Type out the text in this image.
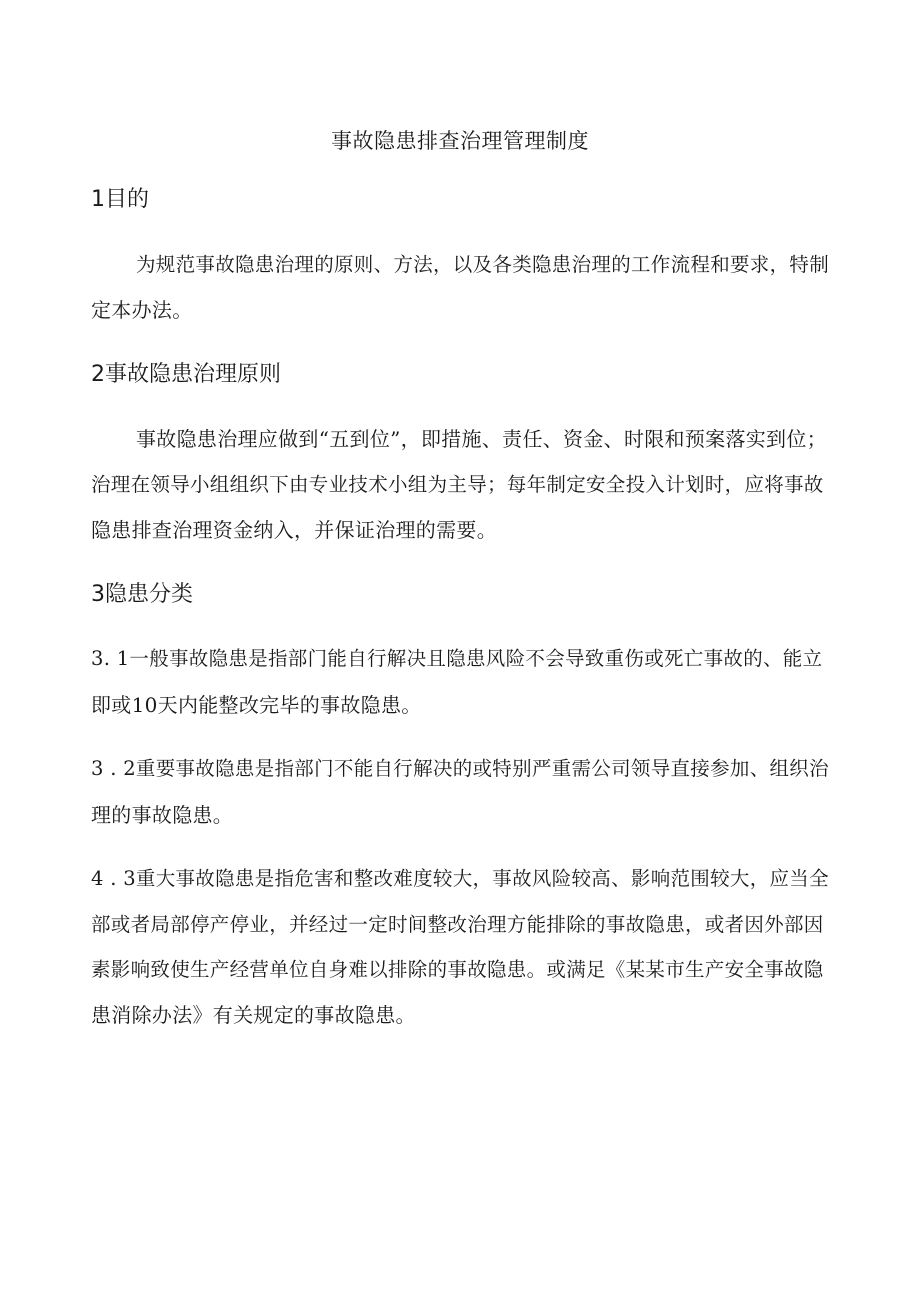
事故隐患排查治理管理制度
1目的
为规范事故隐患治理的原则、方法，以及各类隐患治理的工作流程和要求，特制
定本办法。
2事故隐患治理原则
事故隐患治理应做到“五到位”，即措施、责任、资金、时限和预案落实到位；
治理在领导小组组织下由专业技术小组为主导；每年制定安全投入计划时，应将事故
隐患排查治理资金纳入，并保证治理的需要。
3隐患分类
3. 1一般事故隐患是指部门能自行解决且隐患风险不会导致重伤或死亡事故的、能立
即或10天内能整改完毕的事故隐患。
3 . 2重要事故隐患是指部门不能自行解决的或特别严重需公司领导直接参加、组织治
理的事故隐患。
4 . 3重大事故隐患是指危害和整改难度较大，事故风险较高、影响范围较大，应当全
部或者局部停产停业，并经过一定时间整改治理方能排除的事故隐患，或者因外部因
素影响致使生产经营单位自身难以排除的事故隐患。或满足《某某市生产安全事故隐
患消除办法》有关规定的事故隐患。
